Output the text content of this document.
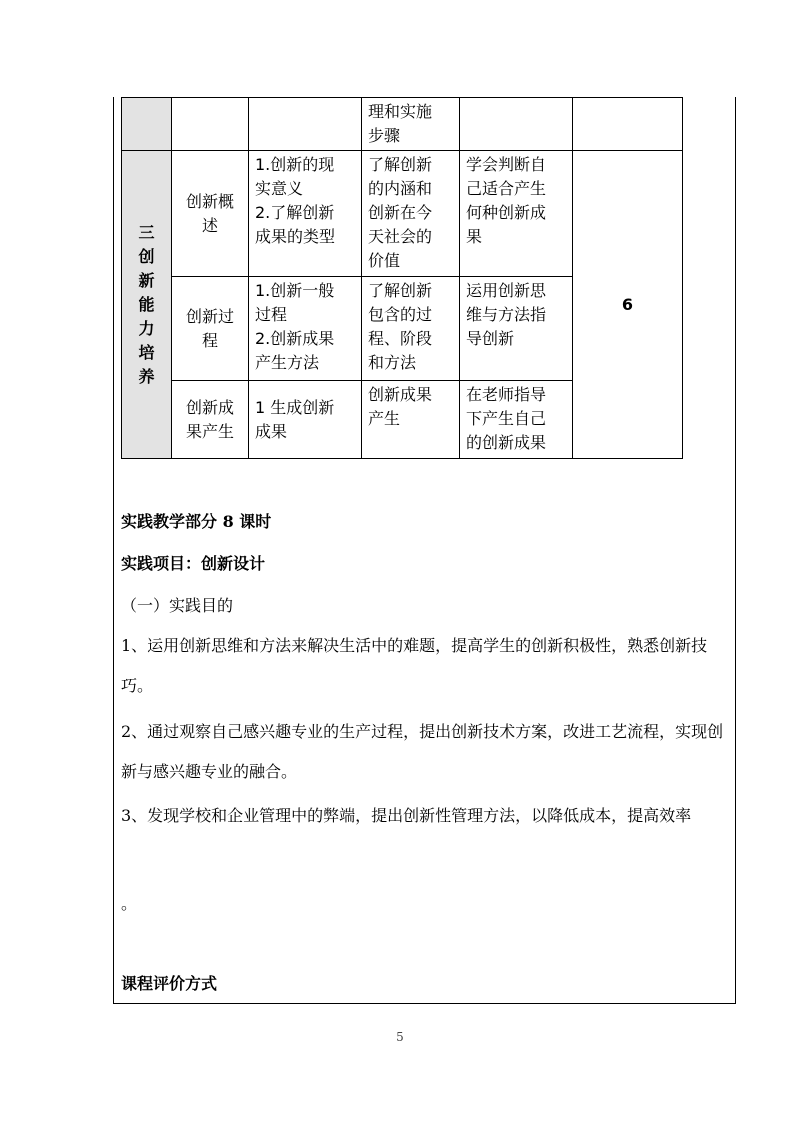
			理和实施
步骤		
三创新能力培养	创新概
述	1.创新的现
实意义
2.了解创新
成果的类型	了解创新
的内涵和
创新在今
天社会的
价值	学会判断自
己适合产生
何种创新成
果	6
	创新过
程	1.创新一般
过程
2.创新成果
产生方法	了解创新
包含的过
程、阶段
和方法	运用创新思
维与方法指
导创新	
	创新成
果产生	1 生成创新
成果	创新成果
产生	在老师指导
下产生自己
的创新成果	
实践教学部分 8 课时
实践项目：创新设计
（一）实践目的
1、运用创新思维和方法来解决生活中的难题，提高学生的创新积极性，熟悉创新技巧。
2、通过观察自己感兴趣专业的生产过程，提出创新技术方案，改进工艺流程，实现创新与感兴趣专业的融合。
3、发现学校和企业管理中的弊端，提出创新性管理方法，以降低成本，提高效率
。
课程评价方式
5
